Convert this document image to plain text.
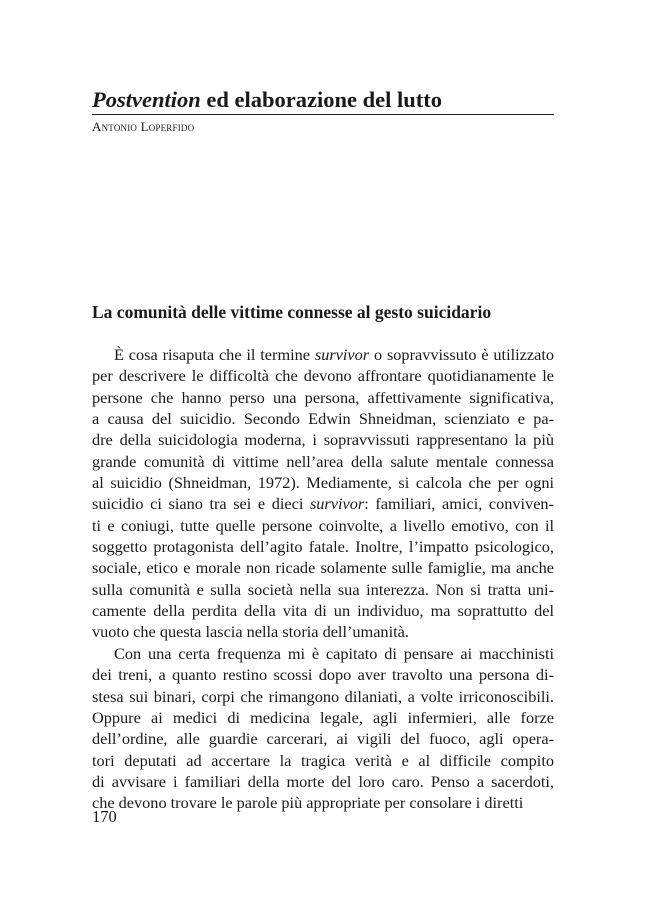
Postvention ed elaborazione del lutto
Antonio Loperfido
La comunità delle vittime connesse al gesto suicidario
È cosa risaputa che il termine survivor o sopravvissuto è utilizzato
per descrivere le difficoltà che devono affrontare quotidianamente le
persone che hanno perso una persona, affettivamente significativa,
a causa del suicidio. Secondo Edwin Shneidman, scienziato e pa-
dre della suicidologia moderna, i sopravvissuti rappresentano la più
grande comunità di vittime nell’area della salute mentale connessa
al suicidio (Shneidman, 1972). Mediamente, si calcola che per ogni
suicidio ci siano tra sei e dieci survivor: familiari, amici, conviven-
ti e coniugi, tutte quelle persone coinvolte, a livello emotivo, con il
soggetto protagonista dell’agito fatale. Inoltre, l’impatto psicologico,
sociale, etico e morale non ricade solamente sulle famiglie, ma anche
sulla comunità e sulla società nella sua interezza. Non si tratta uni-
camente della perdita della vita di un individuo, ma soprattutto del
vuoto che questa lascia nella storia dell’umanità.
Con una certa frequenza mi è capitato di pensare ai macchinisti
dei treni, a quanto restino scossi dopo aver travolto una persona di-
stesa sui binari, corpi che rimangono dilaniati, a volte irriconoscibili.
Oppure ai medici di medicina legale, agli infermieri, alle forze
dell’ordine, alle guardie carcerari, ai vigili del fuoco, agli opera-
tori deputati ad accertare la tragica verità e al difficile compito
di avvisare i familiari della morte del loro caro. Penso a sacerdoti,
che devono trovare le parole più appropriate per consolare i diretti
170
